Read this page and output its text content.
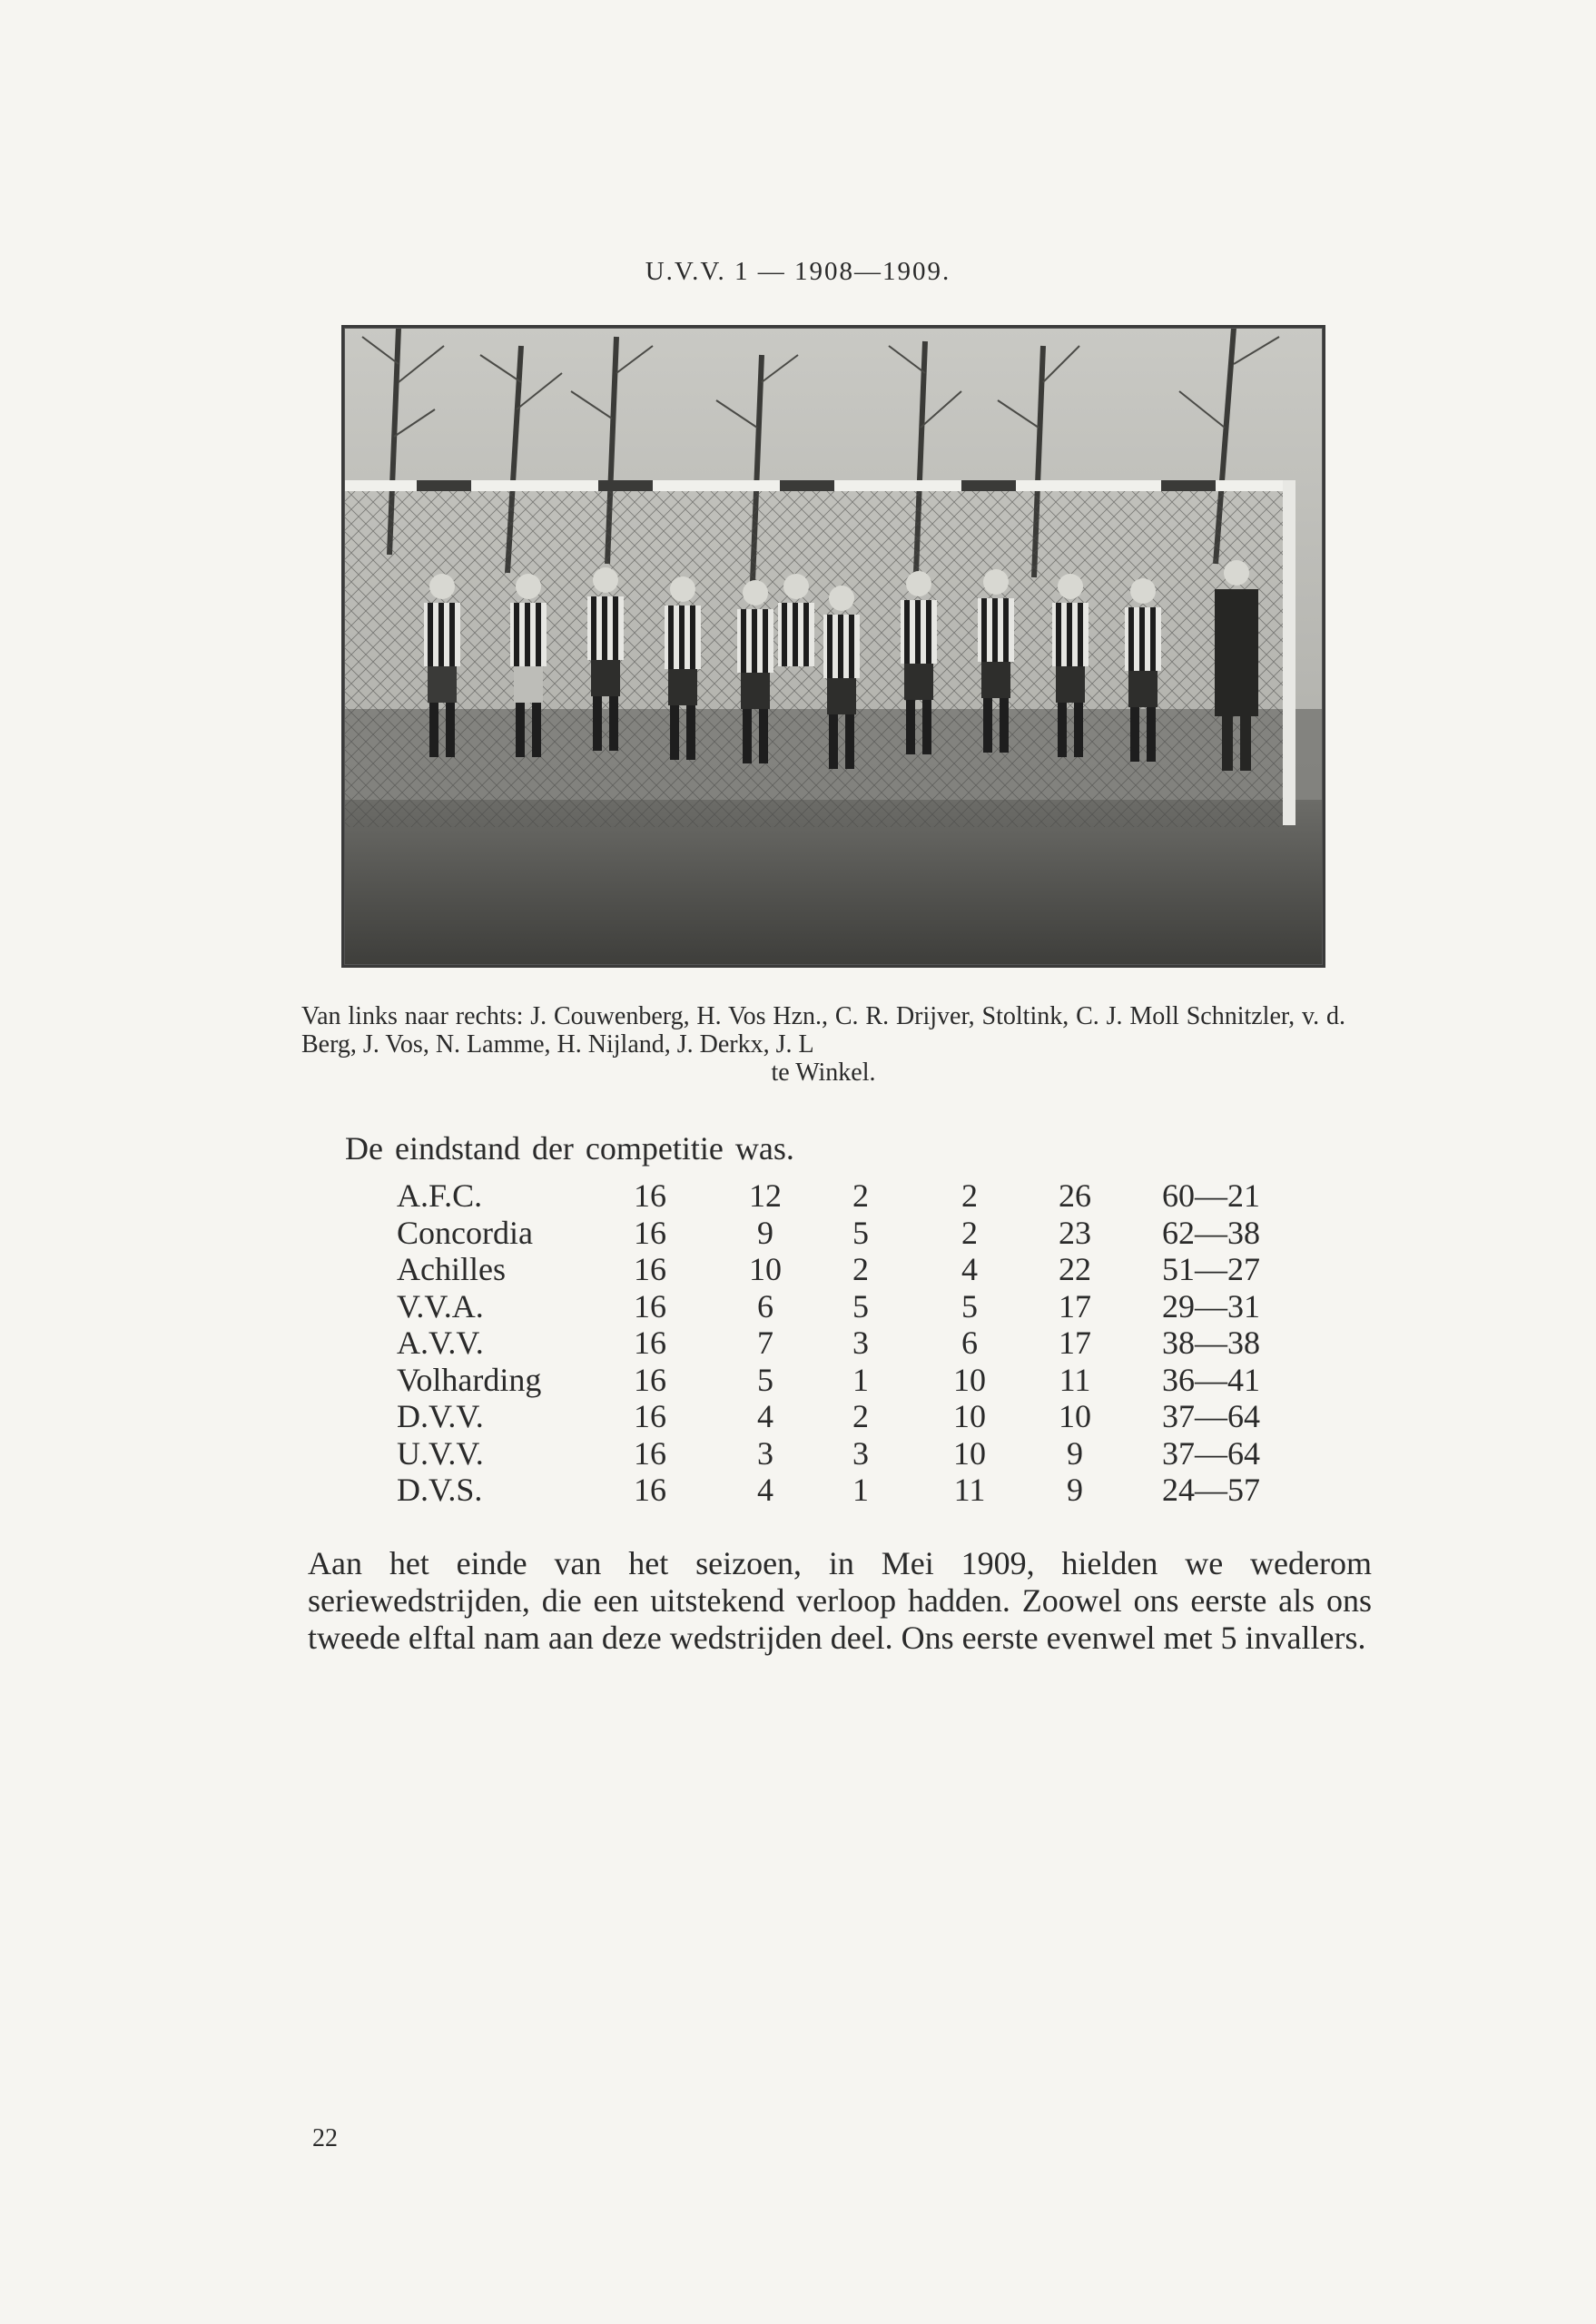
U.V.V. 1 — 1908—1909.
Van links naar rechts: J. Couwenberg, H. Vos Hzn., C. R. Drijver, Stoltink, C. J. Moll Schnitzler, v. d. Berg, J. Vos, N. Lamme, H. Nijland, J. Derkx, J. L
te Winkel.
De eindstand der competitie was.
A.F.C.	16	12	2	2	26	60—21
Concordia	16	9	5	2	23	62—38
Achilles	16	10	2	4	22	51—27
V.V.A.	16	6	5	5	17	29—31
A.V.V.	16	7	3	6	17	38—38
Volharding	16	5	1	10	11	36—41
D.V.V.	16	4	2	10	10	37—64
U.V.V.	16	3	3	10	9	37—64
D.V.S.	16	4	1	11	9	24—57
Aan het einde van het seizoen, in Mei 1909, hielden we wederom seriewedstrijden, die een uitstekend verloop hadden. Zoowel ons eerste als ons tweede elftal nam aan deze wedstrijden deel. Ons eerste evenwel met 5 invallers.
22
